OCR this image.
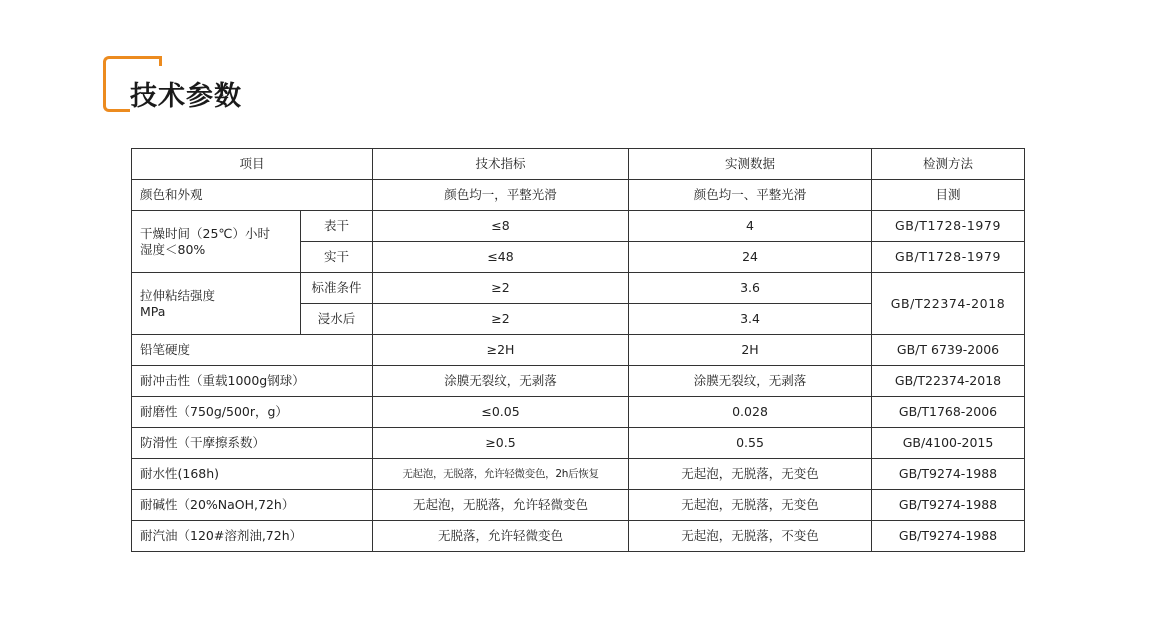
技术参数
项目		技术指标	实测数据	检测方法
颜色和外观		颜色均一，平整光滑	颜色均一、平整光滑	目测

干燥时间（25℃）小时
湿度＜80%	表干	≤8	4	GB/T1728-1979
	实干	≤48	24	GB/T1728-1979

拉伸粘结强度
MPa	标准条件	≥2	3.6	GB/T22374-2018
	浸水后	≥2	3.4	
铅笔硬度		≥2H	2H	GB/T 6739-2006
耐冲击性（重载1000g钢球）		涂膜无裂纹，无剥落	涂膜无裂纹，无剥落	GB/T22374-2018
耐磨性（750g/500r，g）		≤0.05	0.028	GB/T1768-2006
防滑性（干摩擦系数）		≥0.5	0.55	GB/4100-2015
耐水性(168h)		无起泡，无脱落，允许轻微变色，2h后恢复	无起泡，无脱落，无变色	GB/T9274-1988
耐碱性（20%NaOH,72h）		无起泡，无脱落，允许轻微变色	无起泡，无脱落，无变色	GB/T9274-1988
耐汽油（120#溶剂油,72h）		无脱落，允许轻微变色	无起泡，无脱落，不变色	GB/T9274-1988
